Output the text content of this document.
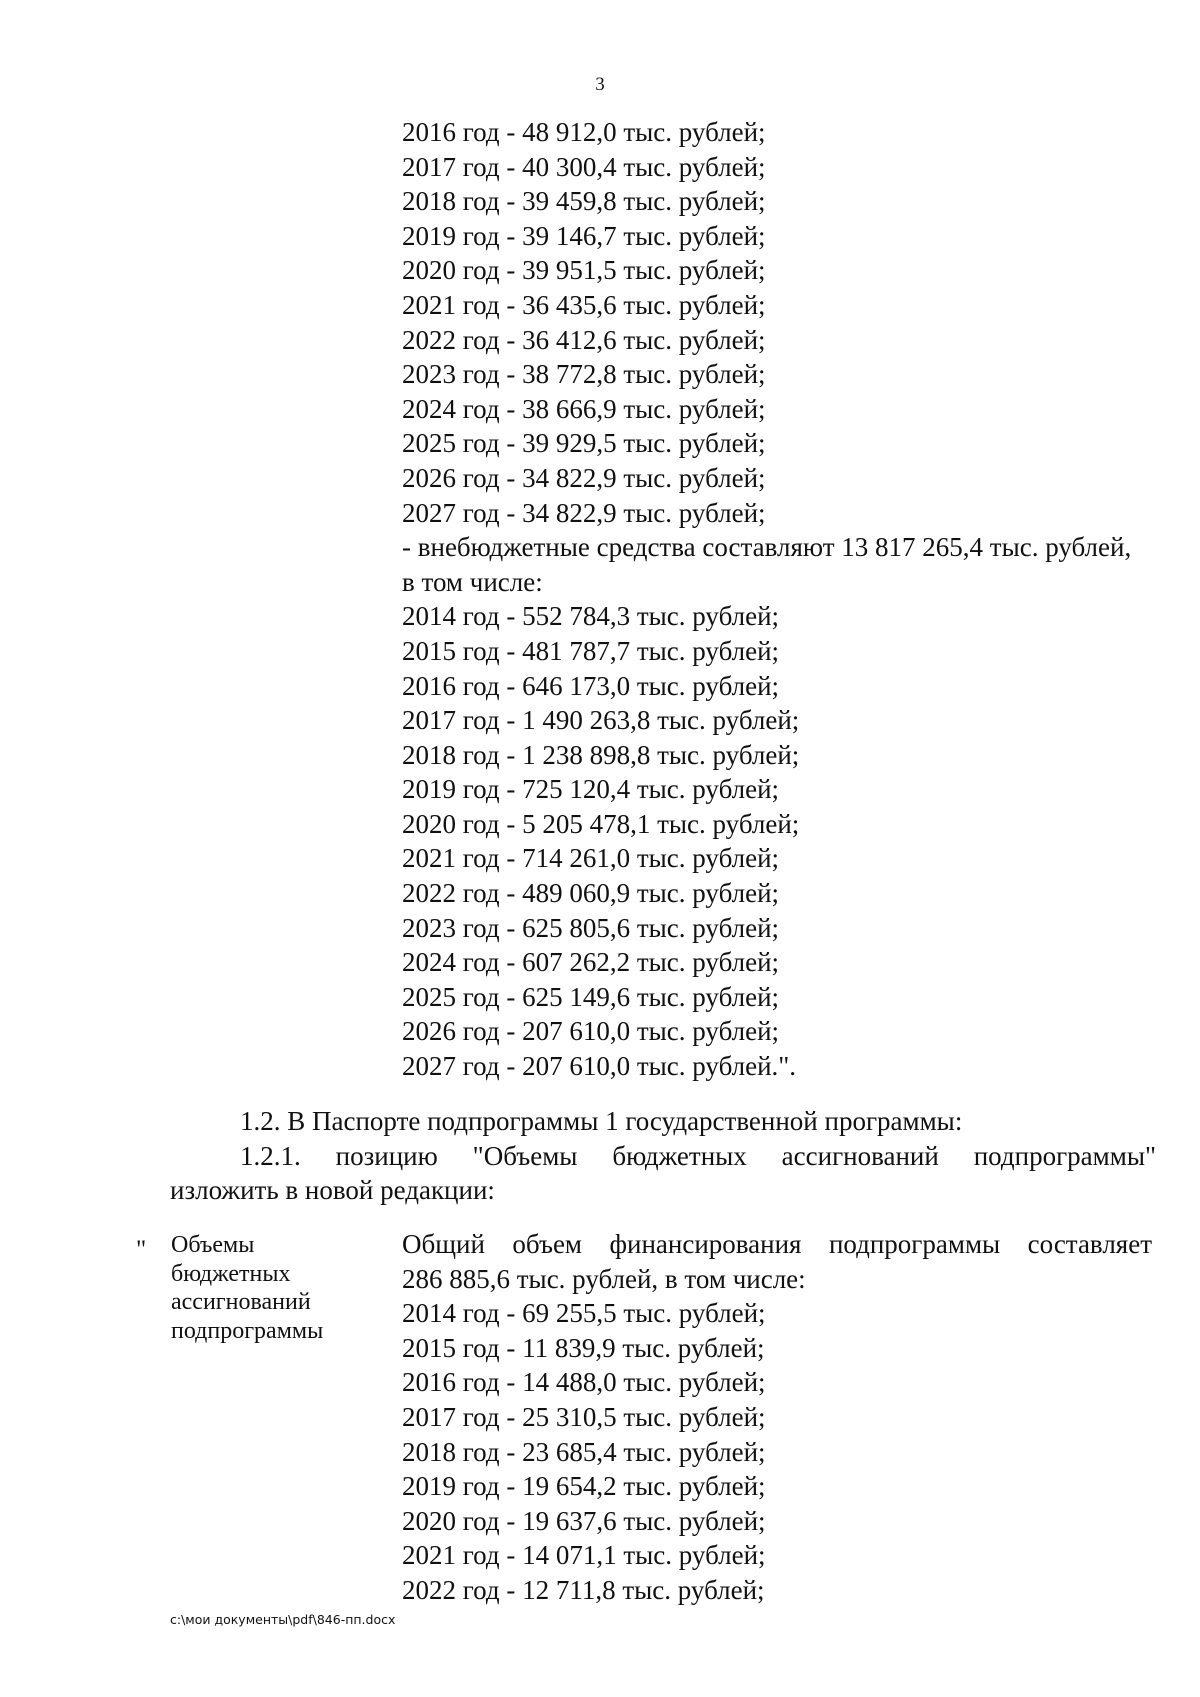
3
2016 год - 48 912,0 тыс. рублей;
2017 год - 40 300,4 тыс. рублей;
2018 год - 39 459,8 тыс. рублей;
2019 год - 39 146,7 тыс. рублей;
2020 год - 39 951,5 тыс. рублей;
2021 год - 36 435,6 тыс. рублей;
2022 год - 36 412,6 тыс. рублей;
2023 год - 38 772,8 тыс. рублей;
2024 год - 38 666,9 тыс. рублей;
2025 год - 39 929,5 тыс. рублей;
2026 год - 34 822,9 тыс. рублей;
2027 год - 34 822,9 тыс. рублей;
- внебюджетные средства составляют 13 817 265,4 тыс. рублей,
в том числе:
2014 год - 552 784,3 тыс. рублей;
2015 год - 481 787,7 тыс. рублей;
2016 год - 646 173,0 тыс. рублей;
2017 год - 1 490 263,8 тыс. рублей;
2018 год - 1 238 898,8 тыс. рублей;
2019 год - 725 120,4 тыс. рублей;
2020 год - 5 205 478,1 тыс. рублей;
2021 год - 714 261,0 тыс. рублей;
2022 год - 489 060,9 тыс. рублей;
2023 год - 625 805,6 тыс. рублей;
2024 год - 607 262,2 тыс. рублей;
2025 год - 625 149,6 тыс. рублей;
2026 год - 207 610,0 тыс. рублей;
2027 год - 207 610,0 тыс. рублей.".
1.2. В Паспорте подпрограммы 1 государственной программы:
1.2.1. позицию "Объемы бюджетных ассигнований подпрограммы"
изложить в новой редакции:
" Объемы
бюджетных
ассигнований
подпрограммы
Общий объем финансирования подпрограммы составляет
286 885,6 тыс. рублей, в том числе:
2014 год - 69 255,5 тыс. рублей;
2015 год - 11 839,9 тыс. рублей;
2016 год - 14 488,0 тыс. рублей;
2017 год - 25 310,5 тыс. рублей;
2018 год - 23 685,4 тыс. рублей;
2019 год - 19 654,2 тыс. рублей;
2020 год - 19 637,6 тыс. рублей;
2021 год - 14 071,1 тыс. рублей;
2022 год - 12 711,8 тыс. рублей;
c:\мои документы\pdf\846-пп.docx
